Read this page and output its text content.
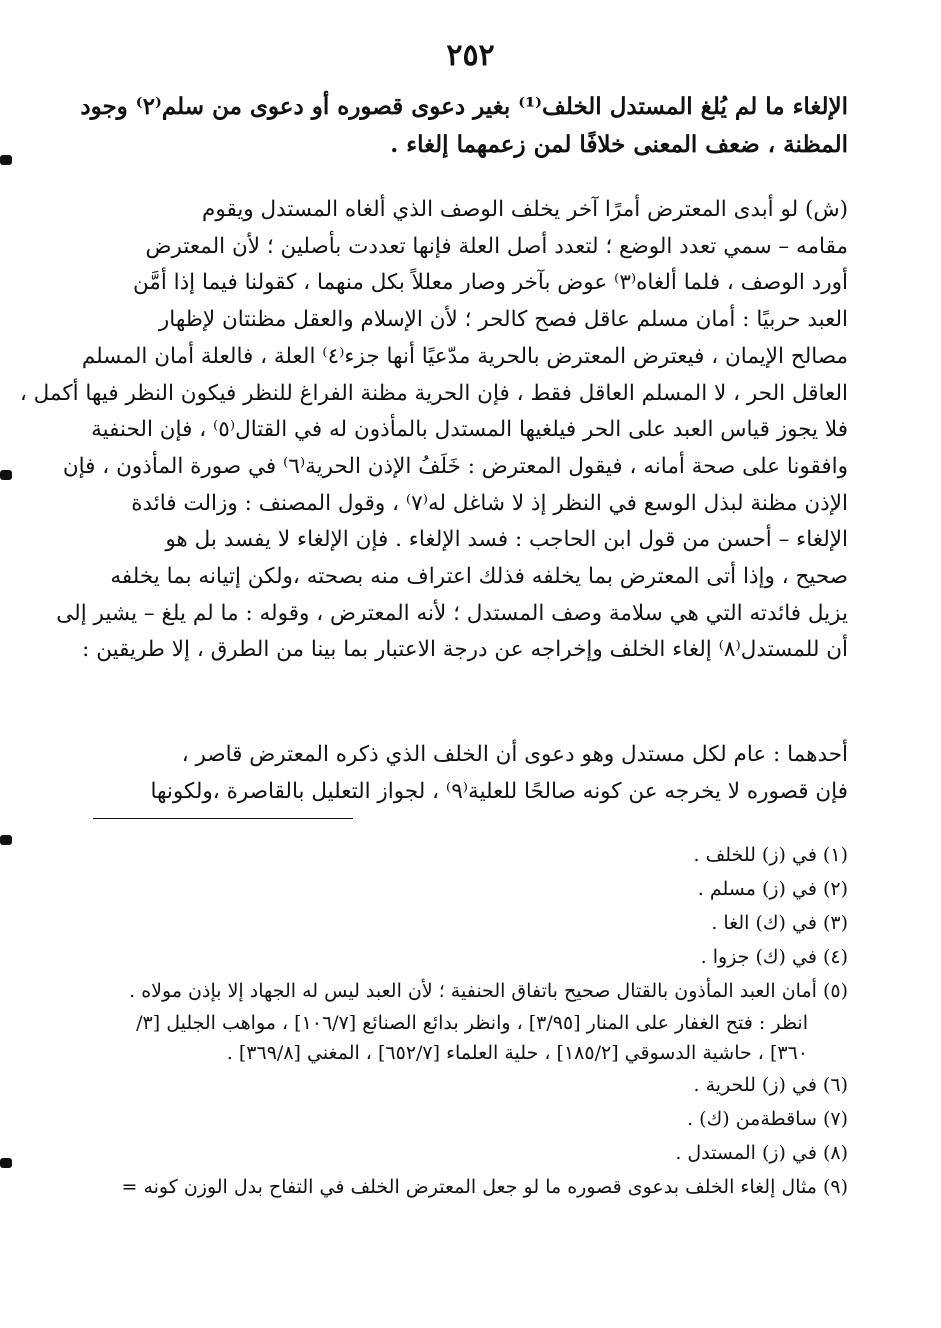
٢٥٢
الإلغاء ما لم يُلغ المستدل الخلف⁽¹⁾ بغير دعوى قصوره أو دعوى من سلم⁽٢⁾ وجود
المظنة ، ضعف المعنى خلافًا لمن زعمهما إلغاء .
(ش) لو أبدى المعترض أمرًا آخر يخلف الوصف الذي ألغاه المستدل ويقوم
مقامه – سمي تعدد الوضع ؛ لتعدد أصل العلة فإنها تعددت بأصلين ؛ لأن المعترض
أورد الوصف ، فلما ألغاه⁽٣⁾ عوض بآخر وصار معللاً بكل منهما ، كقولنا فيما إذا أمَّن
العبد حربيًا : أمان مسلم عاقل فصح كالحر ؛ لأن الإسلام والعقل مظنتان لإظهار
مصالح الإيمان ، فيعترض المعترض بالحرية مدّعيًا أنها جزء⁽٤⁾ العلة ، فالعلة أمان المسلم
العاقل الحر ، لا المسلم العاقل فقط ، فإن الحرية مظنة الفراغ للنظر فيكون النظر فيها أكمل ،
فلا يجوز قياس العبد على الحر فيلغيها المستدل بالمأذون له في القتال⁽٥⁾ ، فإن الحنفية
وافقونا على صحة أمانه ، فيقول المعترض : خَلَفُ الإذن الحرية⁽٦⁾ في صورة المأذون ، فإن
الإذن مظنة لبذل الوسع في النظر إذ لا شاغل له⁽٧⁾ ، وقول المصنف : وزالت فائدة
الإلغاء – أحسن من قول ابن الحاجب : فسد الإلغاء . فإن الإلغاء لا يفسد بل هو
صحيح ، وإذا أتى المعترض بما يخلفه فذلك اعتراف منه بصحته ،ولكن إتيانه بما يخلفه
يزيل فائدته التي هي سلامة وصف المستدل ؛ لأنه المعترض ، وقوله : ما لم يلغ – يشير إلى
أن للمستدل⁽٨⁾ إلغاء الخلف وإخراجه عن درجة الاعتبار بما بينا من الطرق ، إلا طريقين :
أحدهما : عام لكل مستدل وهو دعوى أن الخلف الذي ذكره المعترض قاصر ،
فإن قصوره لا يخرجه عن كونه صالحًا للعلية⁽٩⁾ ، لجواز التعليل بالقاصرة ،ولكونها
(١) في (ز) للخلف .
(٢) في (ز) مسلم .
(٣) في (ك) الغا .
(٤) في (ك) جزوا .
(٥) أمان العبد المأذون بالقتال صحيح باتفاق الحنفية ؛ لأن العبد ليس له الجهاد إلا بإذن مولاه .
انظر : فتح الغفار على المنار [٣/٩٥] ، وانظر بدائع الصنائع [١٠٦/٧] ، مواهب الجليل [٣/
٣٦٠] ، حاشية الدسوقي [١٨٥/٢] ، حلية العلماء [٦٥٢/٧] ، المغني [٣٦٩/٨] .
(٦) في (ز) للحرية .
(٧) ساقطةمن (ك) .
(٨) في (ز) المستدل .
(٩) مثال إلغاء الخلف بدعوى قصوره ما لو جعل المعترض الخلف في التفاح بدل الوزن كونه =
